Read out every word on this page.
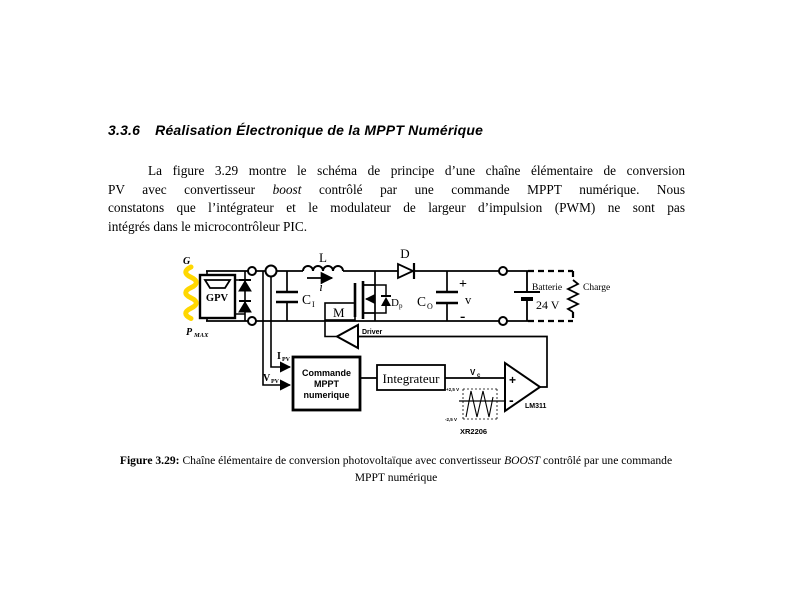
3.3.6 Réalisation Électronique de la MPPT Numérique
La figure 3.29 montre le schéma de principe d’une chaîne élémentaire de conversion
PV avec convertisseur boost contrôlé par une commande MPPT numérique. Nous
constatons que l’intégrateur et le modulateur de largeur d’impulsion (PWM) ne sont pas
intégrés dans le microcontrôleur PIC.
G
P MAX
GPV	C I
L
i
M
D p
D
C O
+
v
-
Batterie
24 V
Charge
Driver
I PV
V PV
Commande
MPPT
numerique
Integrateur	V c
+2,5 V
-2,5 V
XR2206
+
- LM311
Figure 3.29: Chaîne élémentaire de conversion photovoltaïque avec convertisseur BOOST contrôlé par une commande
MPPT numérique
